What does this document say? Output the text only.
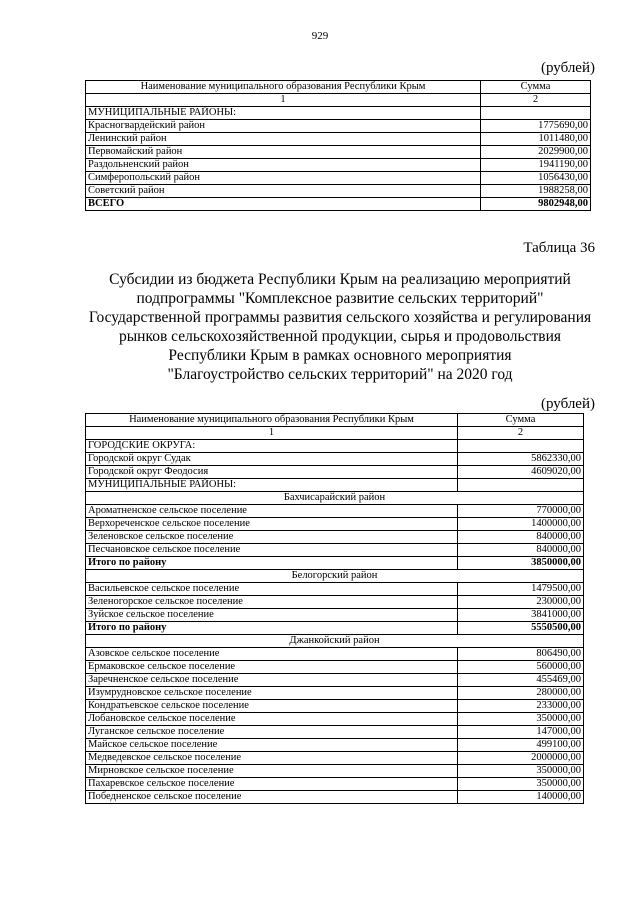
929
(рублей)
Наименование муниципального образования Республики Крым	Сумма
1	2
МУНИЦИПАЛЬНЫЕ РАЙОНЫ:	
Красногвардейский район	1775690,00
Ленинский район	1011480,00
Первомайский район	2029900,00
Раздольненский район	1941190,00
Симферопольский район	1056430,00
Советский район	1988258,00
ВСЕГО	9802948,00
Таблица 36
Субсидии из бюджета Республики Крым на реализацию мероприятий
подпрограммы "Комплексное развитие сельских территорий"
Государственной программы развития сельского хозяйства и регулирования
рынков сельскохозяйственной продукции, сырья и продовольствия
Республики Крым в рамках основного мероприятия
"Благоустройство сельских территорий" на 2020 год
(рублей)
Наименование муниципального образования Республики Крым	Сумма
1	2
ГОРОДСКИЕ ОКРУГА:	
Городской округ Судак	5862330,00
Городской округ Феодосия	4609020,00
МУНИЦИПАЛЬНЫЕ РАЙОНЫ:	
Бахчисарайский район	
Ароматненское сельское поселение	770000,00
Верхореченское сельское поселение	1400000,00
Зеленовское сельское поселение	840000,00
Песчановское сельское поселение	840000,00
Итого по району	3850000,00
Белогорский район	
Васильевское сельское поселение	1479500,00
Зеленогорское сельское поселение	230000,00
Зуйское сельское поселение	3841000,00
Итого по району	5550500,00
Джанкойский район	
Азовское сельское поселение	806490,00
Ермаковское сельское поселение	560000,00
Заречненское сельское поселение	455469,00
Изумрудновское сельское поселение	280000,00
Кондратьевское сельское поселение	233000,00
Лобановское сельское поселение	350000,00
Луганское сельское поселение	147000,00
Майское сельское поселение	499100,00
Медведевское сельское поселение	2000000,00
Мирновское сельское поселение	350000,00
Пахаревское сельское поселение	350000,00
Победненское сельское поселение	140000,00
